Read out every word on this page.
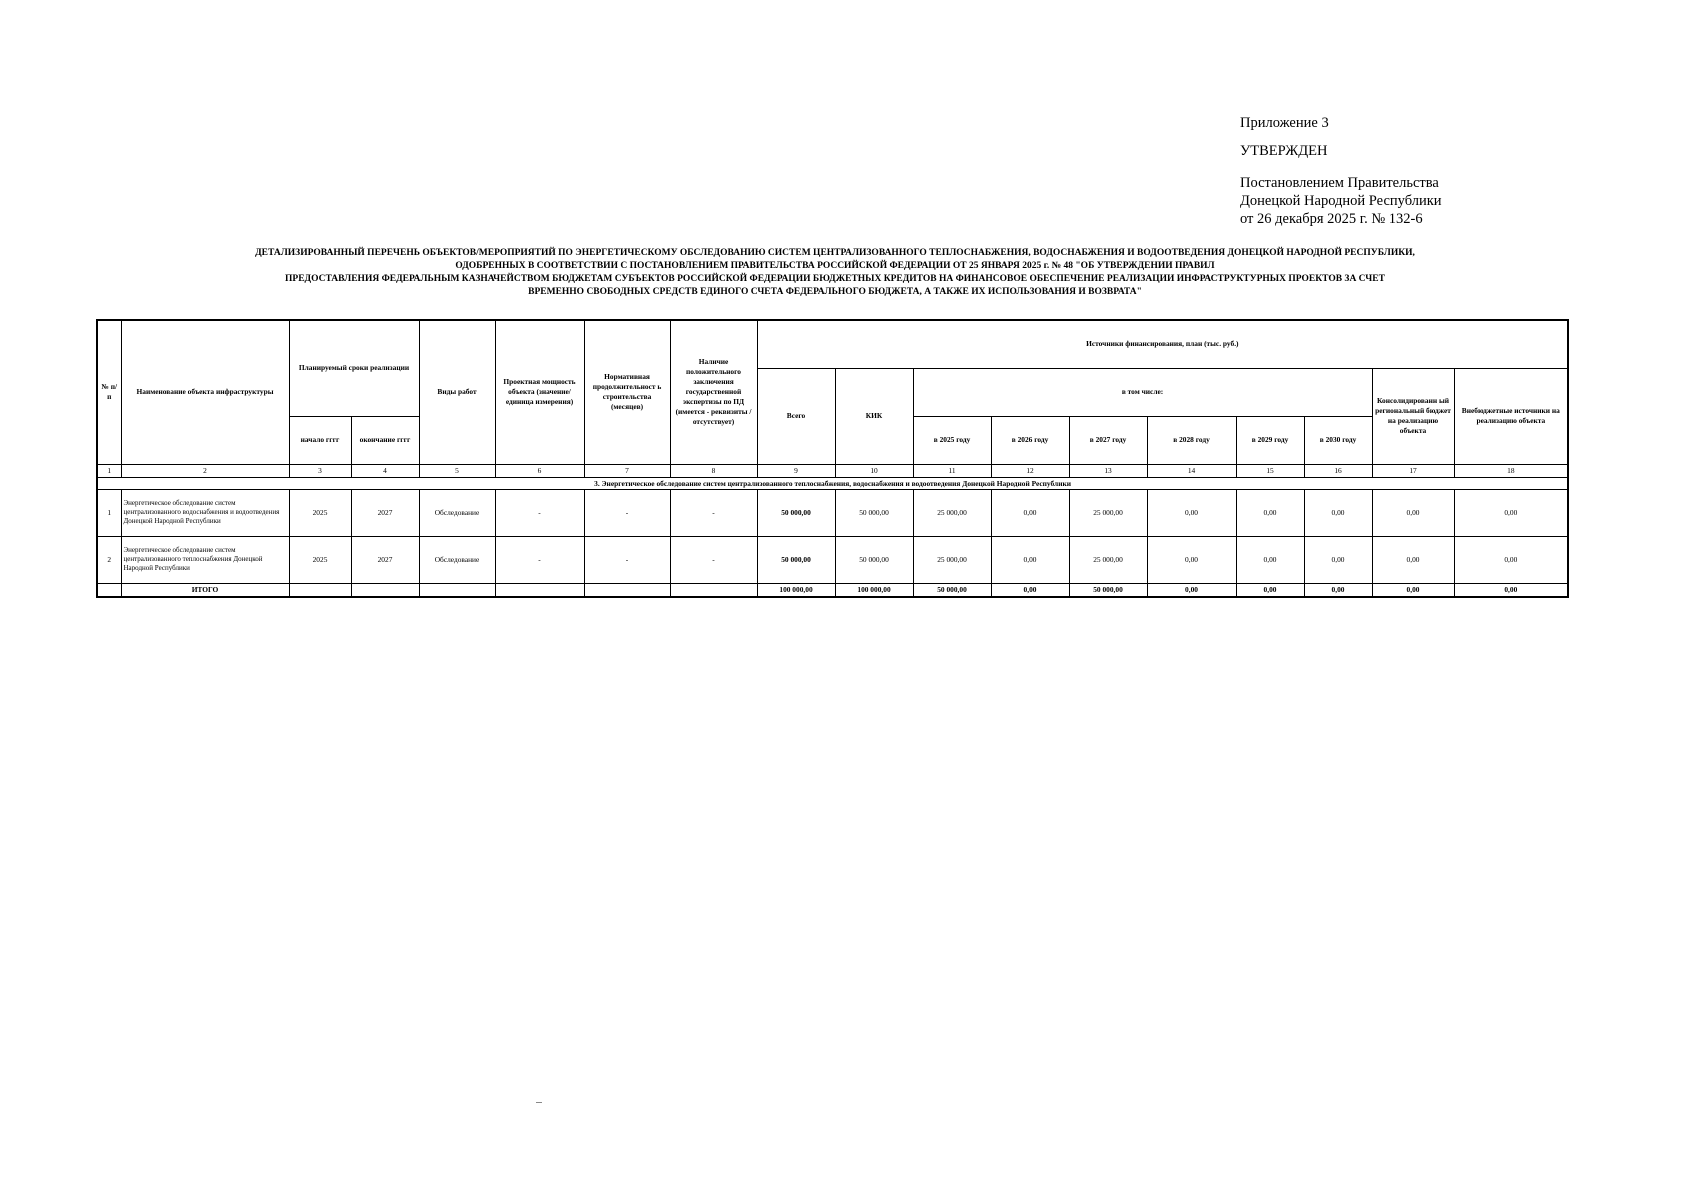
Приложение 3
УТВЕРЖДЕН
Постановлением Правительства
Донецкой Народной Республики
от 26 декабря 2025 г. № 132-6
ДЕТАЛИЗИРОВАННЫЙ ПЕРЕЧЕНЬ ОБЪЕКТОВ/МЕРОПРИЯТИЙ ПО ЭНЕРГЕТИЧЕСКОМУ ОБСЛЕДОВАНИЮ СИСТЕМ ЦЕНТРАЛИЗОВАННОГО ТЕПЛОСНАБЖЕНИЯ, ВОДОСНАБЖЕНИЯ И ВОДООТВЕДЕНИЯ ДОНЕЦКОЙ НАРОДНОЙ РЕСПУБЛИКИ,
ОДОБРЕННЫХ В СООТВЕТСТВИИ С ПОСТАНОВЛЕНИЕМ ПРАВИТЕЛЬСТВА РОССИЙСКОЙ ФЕДЕРАЦИИ ОТ 25 ЯНВАРЯ 2025 г. № 48 "ОБ УТВЕРЖДЕНИИ ПРАВИЛ
ПРЕДОСТАВЛЕНИЯ ФЕДЕРАЛЬНЫМ КАЗНАЧЕЙСТВОМ БЮДЖЕТАМ СУБЪЕКТОВ РОССИЙСКОЙ ФЕДЕРАЦИИ БЮДЖЕТНЫХ КРЕДИТОВ НА ФИНАНСОВОЕ ОБЕСПЕЧЕНИЕ РЕАЛИЗАЦИИ ИНФРАСТРУКТУРНЫХ ПРОЕКТОВ ЗА СЧЕТ
ВРЕМЕННО СВОБОДНЫХ СРЕДСТВ ЕДИНОГО СЧЕТА ФЕДЕРАЛЬНОГО БЮДЖЕТА, А ТАКЖЕ ИХ ИСПОЛЬЗОВАНИЯ И ВОЗВРАТА"
№ п/п	Наименование объекта инфраструктуры	Планируемый сроки реализации		Виды работ	Проектная мощность объекта (значение/единица измерения)	Нормативная продолжительност ь строительства (месяцев)	Наличие положительного заключения государственной экспертизы по ПД (имеется - реквизиты / отсутствует)	Источники финансирования, план (тыс. руб.)									
								Всего	КИК	в том числе:						Консолидированн ый региональный бюджет на реализацию объекта	Внебюджетные источники на реализацию объекта
		начало гггг	окончание гггг							в 2025 году	в 2026 году	в 2027 году	в 2028 году	в 2029 году	в 2030 году		
1	2	3	4	5	6	7	8	9	10	11	12	13	14	15	16	17	18
3. Энергетическое обследование систем централизованного теплоснабжения, водоснабжения и водоотведения Донецкой Народной Республики																	
1	Энергетическое обследование систем централизованного водоснабжения и водоотведения Донецкой Народной Республики	2025	2027	Обследование	-	-	-	50 000,00	50 000,00	25 000,00	0,00	25 000,00	0,00	0,00	0,00	0,00	0,00
2	Энергетическое обследование систем централизованного теплоснабжения Донецкой Народной Республики	2025	2027	Обследование	-	-	-	50 000,00	50 000,00	25 000,00	0,00	25 000,00	0,00	0,00	0,00	0,00	0,00
	ИТОГО							100 000,00	100 000,00	50 000,00	0,00	50 000,00	0,00	0,00	0,00	0,00	0,00
